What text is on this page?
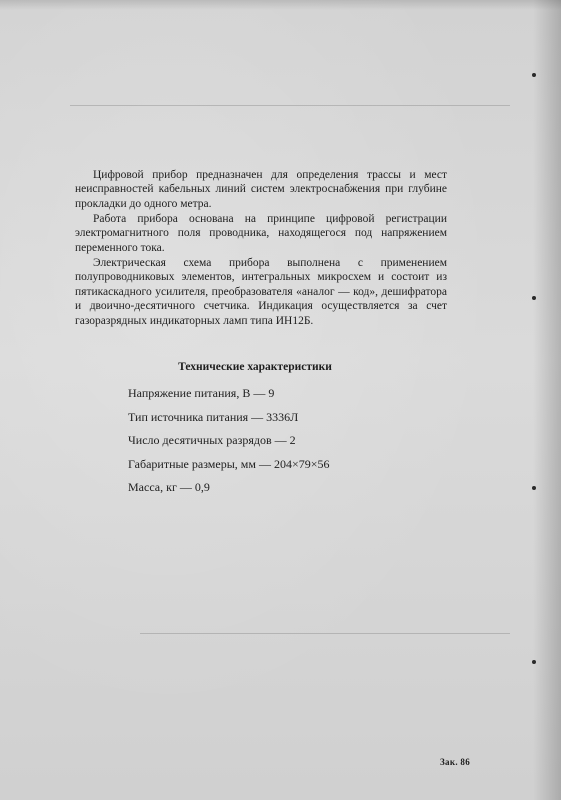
Цифровой прибор предназначен для определения трассы и мест неисправностей кабельных линий систем электроснабжения при глубине прокладки до одного метра.

Работа прибора основана на принципе цифровой регистрации электромагнитного поля проводника, находящегося под напряжением переменного тока.

Электрическая схема прибора выполнена с применением полупроводниковых элементов, интегральных микросхем и состоит из пятикаскадного усилителя, преобразователя «аналог — код», дешифратора и двоично-десятичного счетчика. Индикация осуществляется за счет газоразрядных индикаторных ламп типа ИН12Б.

Технические характеристики
Напряжение питания, В — 9
Тип источника питания — 3336Л
Число десятичных разрядов — 2
Габаритные размеры, мм — 204×79×56
Масса, кг — 0,9
Зак. 86
